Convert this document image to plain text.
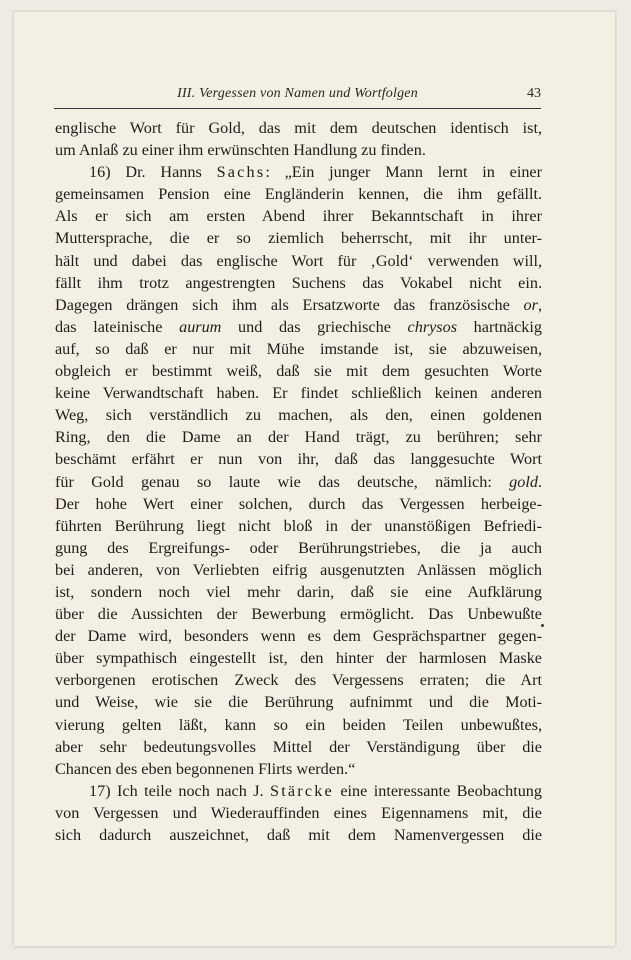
III. Vergessen von Namen und Wortfolgen	43
englische Wort für Gold, das mit dem deutschen identisch ist,
um Anlaß zu einer ihm erwünschten Handlung zu finden.
16) Dr. Hanns Sachs: „Ein junger Mann lernt in einer
gemeinsamen Pension eine Engländerin kennen, die ihm gefällt.
Als er sich am ersten Abend ihrer Bekanntschaft in ihrer
Muttersprache, die er so ziemlich beherrscht, mit ihr unter-
hält und dabei das englische Wort für ‚Gold‘ verwenden will,
fällt ihm trotz angestrengten Suchens das Vokabel nicht ein.
Dagegen drängen sich ihm als Ersatzworte das französische or,
das lateinische aurum und das griechische chrysos hartnäckig
auf, so daß er nur mit Mühe imstande ist, sie abzuweisen,
obgleich er bestimmt weiß, daß sie mit dem gesuchten Worte
keine Verwandtschaft haben. Er findet schließlich keinen anderen
Weg, sich verständlich zu machen, als den, einen goldenen
Ring, den die Dame an der Hand trägt, zu berühren; sehr
beschämt erfährt er nun von ihr, daß das langgesuchte Wort
für Gold genau so laute wie das deutsche, nämlich: gold.
Der hohe Wert einer solchen, durch das Vergessen herbeige-
führten Berührung liegt nicht bloß in der unanstößigen Befriedi-
gung des Ergreifungs- oder Berührungstriebes, die ja auch
bei anderen, von Verliebten eifrig ausgenutzten Anlässen möglich
ist, sondern noch viel mehr darin, daß sie eine Aufklärung
über die Aussichten der Bewerbung ermöglicht. Das Unbewußte
der Dame wird, besonders wenn es dem Gesprächspartner gegen-
über sympathisch eingestellt ist, den hinter der harmlosen Maske
verborgenen erotischen Zweck des Vergessens erraten; die Art
und Weise, wie sie die Berührung aufnimmt und die Moti-
vierung gelten läßt, kann so ein beiden Teilen unbewußtes,
aber sehr bedeutungsvolles Mittel der Verständigung über die
Chancen des eben begonnenen Flirts werden.“
17) Ich teile noch nach J. Stärcke eine interessante Beobachtung
von Vergessen und Wiederauffinden eines Eigennamens mit, die
sich dadurch auszeichnet, daß mit dem Namenvergessen die
